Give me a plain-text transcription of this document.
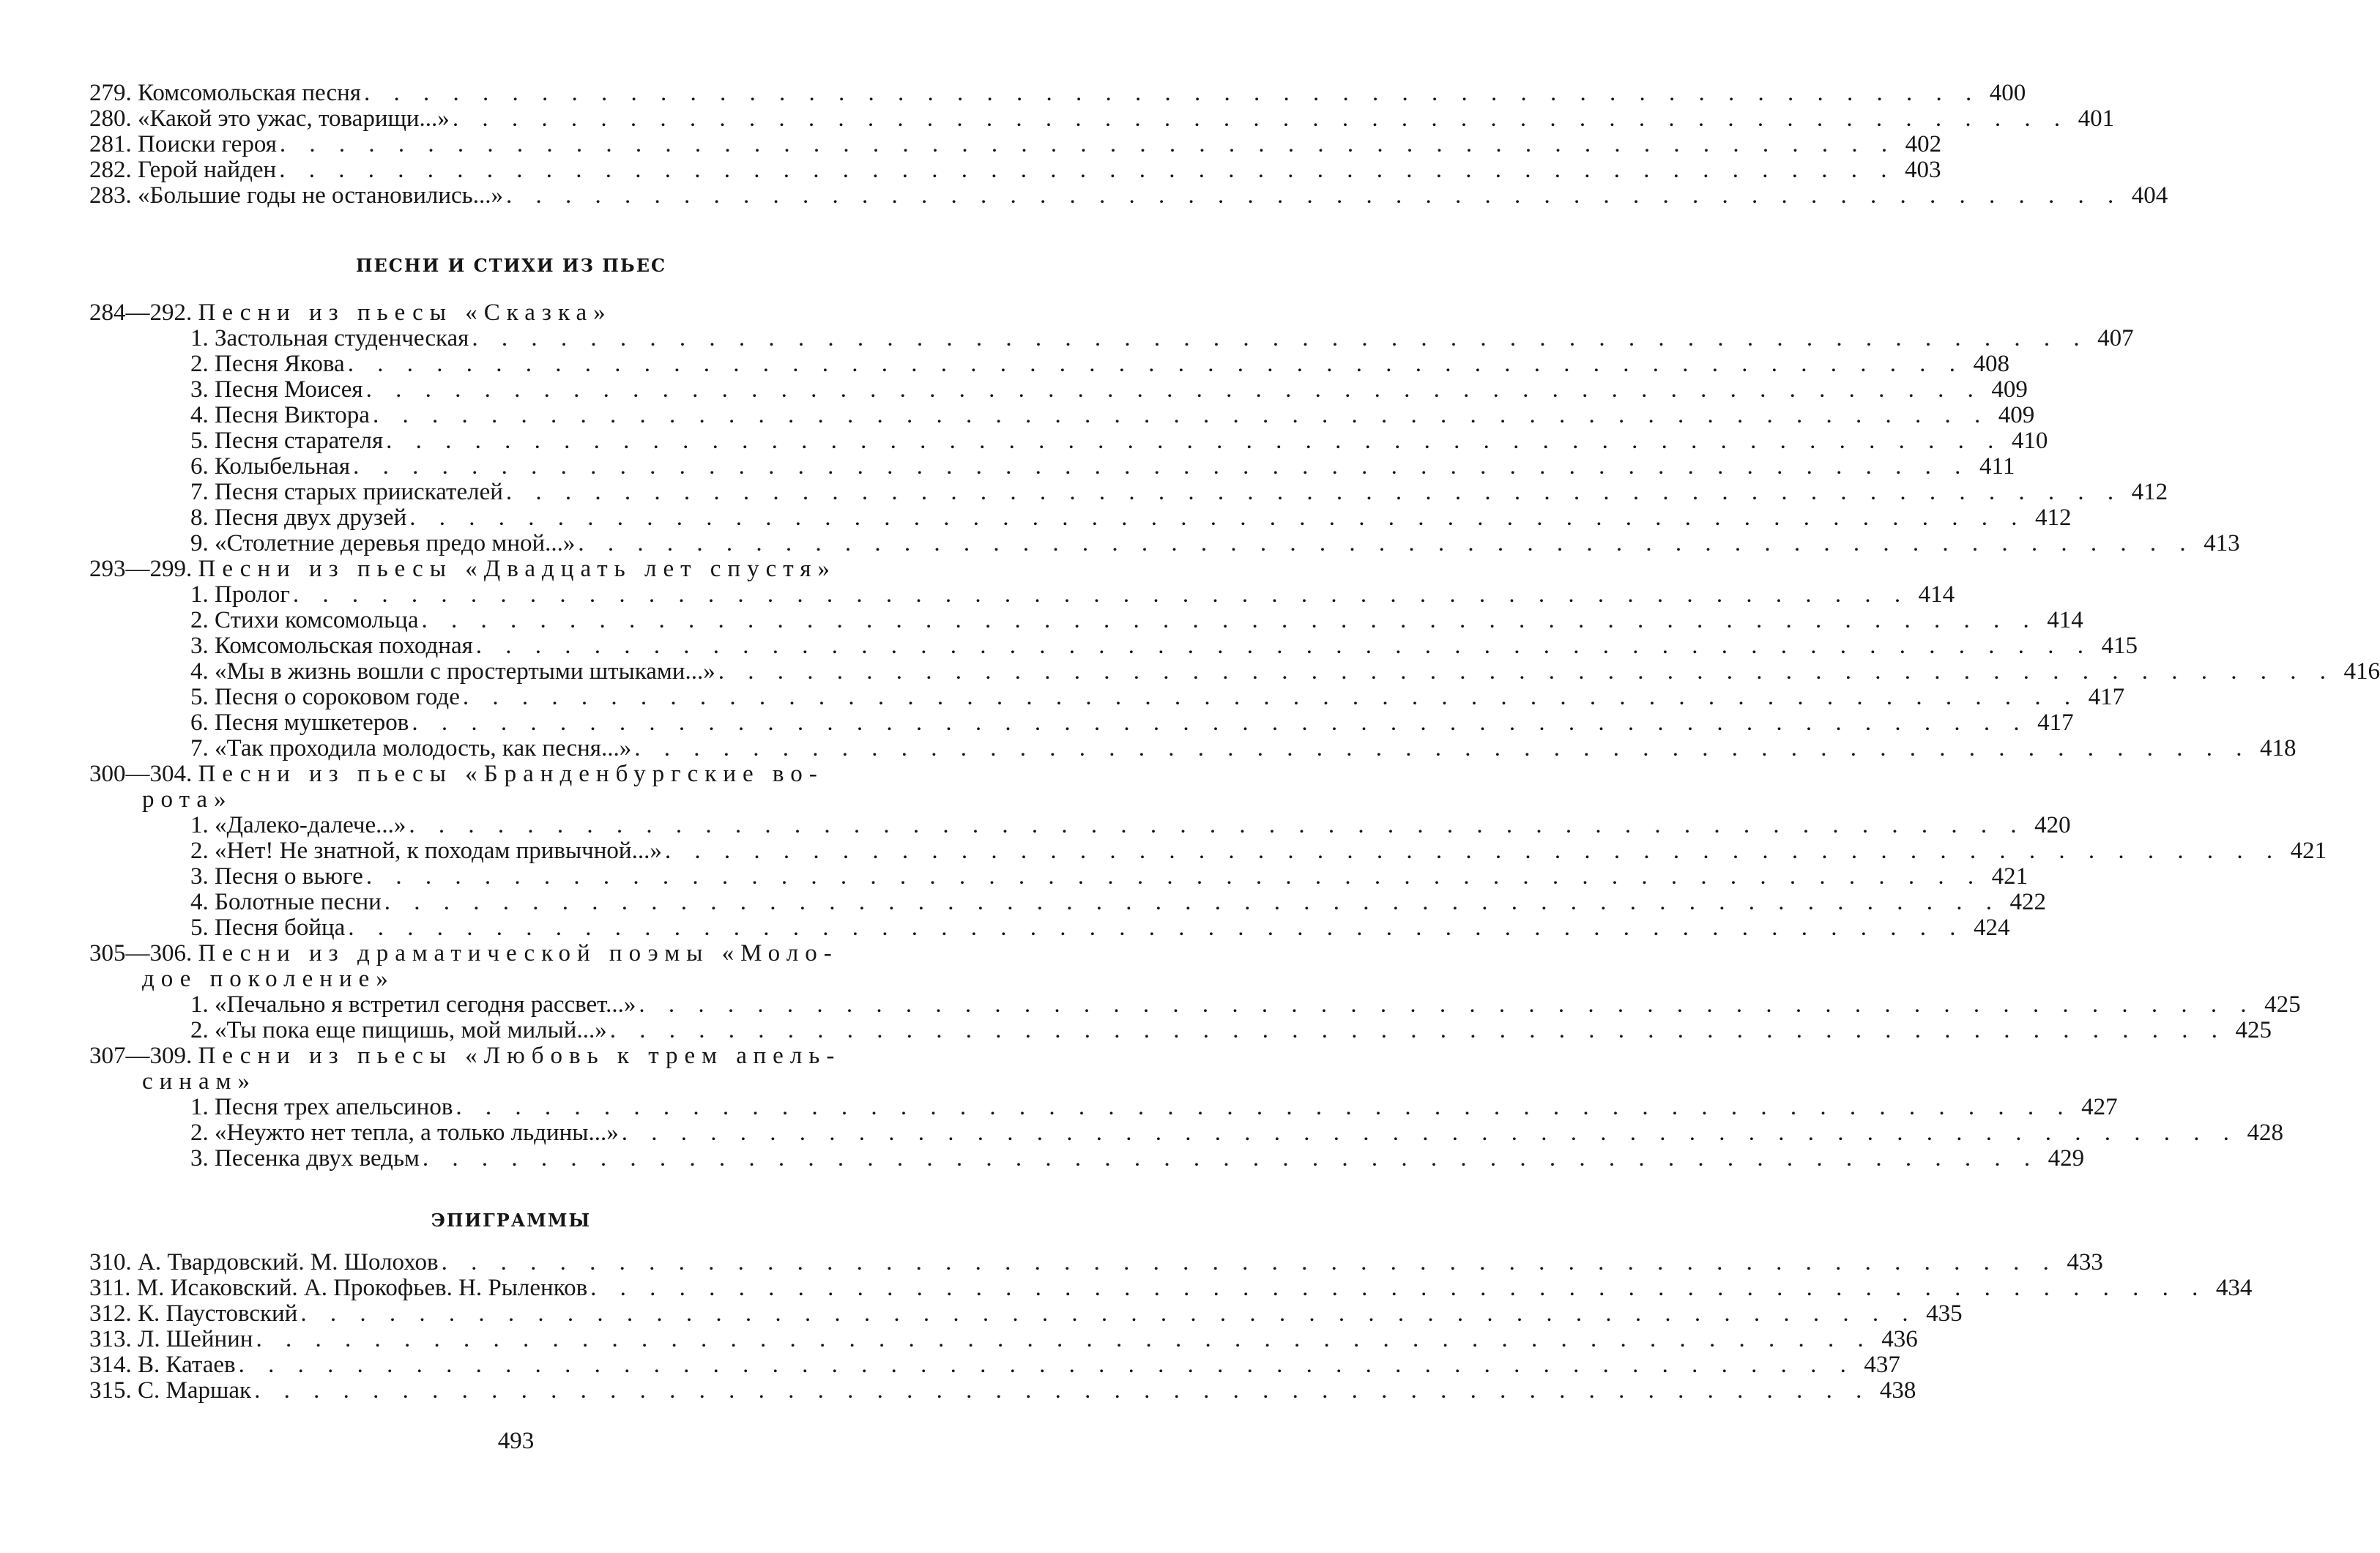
279. Комсомольская песня . . . . . . . . . . . . . . . . . . . . . . . . . . . . . . . . . . . . . . . . . . . . . . . . . . . . . . . 400
280. «Какой это ужас, товарищи...» . . . . . . . . . . . . . . . . . . . . . . . . . . . . . . . . . . . . . . . . . . . . . . . . . . . . . . . 401
281. Поиски героя . . . . . . . . . . . . . . . . . . . . . . . . . . . . . . . . . . . . . . . . . . . . . . . . . . . . . . . 402
282. Герой найден . . . . . . . . . . . . . . . . . . . . . . . . . . . . . . . . . . . . . . . . . . . . . . . . . . . . . . . 403
283. «Большие годы не остановились...» . . . . . . . . . . . . . . . . . . . . . . . . . . . . . . . . . . . . . . . . . . . . . . . . . . . . . . . 404
ПЕСНИ И СТИХИ ИЗ ПЬЕС
284—292. Песни из пьесы «Сказка»
1. Застольная студенческая . . . . . . . . . . . . . . . . . . . . . . . . . . . . . . . . . . . . . . . . . . . . . . . . . . . . . . . 407
2. Песня Якова . . . . . . . . . . . . . . . . . . . . . . . . . . . . . . . . . . . . . . . . . . . . . . . . . . . . . . . 408
3. Песня Моисея . . . . . . . . . . . . . . . . . . . . . . . . . . . . . . . . . . . . . . . . . . . . . . . . . . . . . . . 409
4. Песня Виктора . . . . . . . . . . . . . . . . . . . . . . . . . . . . . . . . . . . . . . . . . . . . . . . . . . . . . . . 409
5. Песня старателя . . . . . . . . . . . . . . . . . . . . . . . . . . . . . . . . . . . . . . . . . . . . . . . . . . . . . . . 410
6. Колыбельная . . . . . . . . . . . . . . . . . . . . . . . . . . . . . . . . . . . . . . . . . . . . . . . . . . . . . . . 411
7. Песня старых приискателей . . . . . . . . . . . . . . . . . . . . . . . . . . . . . . . . . . . . . . . . . . . . . . . . . . . . . . . 412
8. Песня двух друзей . . . . . . . . . . . . . . . . . . . . . . . . . . . . . . . . . . . . . . . . . . . . . . . . . . . . . . . 412
9. «Столетние деревья предо мной...» . . . . . . . . . . . . . . . . . . . . . . . . . . . . . . . . . . . . . . . . . . . . . . . . . . . . . . . 413
293—299. Песни из пьесы «Двадцать лет спустя»
1. Пролог . . . . . . . . . . . . . . . . . . . . . . . . . . . . . . . . . . . . . . . . . . . . . . . . . . . . . . . 414
2. Стихи комсомольца . . . . . . . . . . . . . . . . . . . . . . . . . . . . . . . . . . . . . . . . . . . . . . . . . . . . . . . 414
3. Комсомольская походная . . . . . . . . . . . . . . . . . . . . . . . . . . . . . . . . . . . . . . . . . . . . . . . . . . . . . . . 415
4. «Мы в жизнь вошли с простертыми штыками...» . . . . . . . . . . . . . . . . . . . . . . . . . . . . . . . . . . . . . . . . . . . . . . . . . . . . . . . 416
5. Песня о сороковом годе . . . . . . . . . . . . . . . . . . . . . . . . . . . . . . . . . . . . . . . . . . . . . . . . . . . . . . . 417
6. Песня мушкетеров . . . . . . . . . . . . . . . . . . . . . . . . . . . . . . . . . . . . . . . . . . . . . . . . . . . . . . . 417
7. «Так проходила молодость, как песня...» . . . . . . . . . . . . . . . . . . . . . . . . . . . . . . . . . . . . . . . . . . . . . . . . . . . . . . . 418
300—304. Песни из пьесы «Бранденбургские во-
рота»
1. «Далеко-далече...» . . . . . . . . . . . . . . . . . . . . . . . . . . . . . . . . . . . . . . . . . . . . . . . . . . . . . . . 420
2. «Нет! Не знатной, к походам привычной...» . . . . . . . . . . . . . . . . . . . . . . . . . . . . . . . . . . . . . . . . . . . . . . . . . . . . . . . 421
3. Песня о вьюге . . . . . . . . . . . . . . . . . . . . . . . . . . . . . . . . . . . . . . . . . . . . . . . . . . . . . . . 421
4. Болотные песни . . . . . . . . . . . . . . . . . . . . . . . . . . . . . . . . . . . . . . . . . . . . . . . . . . . . . . . 422
5. Песня бойца . . . . . . . . . . . . . . . . . . . . . . . . . . . . . . . . . . . . . . . . . . . . . . . . . . . . . . . 424
305—306. Песни из драматической поэмы «Моло-
дое поколение»
1. «Печально я встретил сегодня рассвет...» . . . . . . . . . . . . . . . . . . . . . . . . . . . . . . . . . . . . . . . . . . . . . . . . . . . . . . . 425
2. «Ты пока еще пищишь, мой милый...» . . . . . . . . . . . . . . . . . . . . . . . . . . . . . . . . . . . . . . . . . . . . . . . . . . . . . . . 425
307—309. Песни из пьесы «Любовь к трем апель-
синам»
1. Песня трех апельсинов . . . . . . . . . . . . . . . . . . . . . . . . . . . . . . . . . . . . . . . . . . . . . . . . . . . . . . . 427
2. «Неужто нет тепла, а только льдины...» . . . . . . . . . . . . . . . . . . . . . . . . . . . . . . . . . . . . . . . . . . . . . . . . . . . . . . . 428
3. Песенка двух ведьм . . . . . . . . . . . . . . . . . . . . . . . . . . . . . . . . . . . . . . . . . . . . . . . . . . . . . . . 429
ЭПИГРАММЫ
310. А. Твардовский. М. Шолохов . . . . . . . . . . . . . . . . . . . . . . . . . . . . . . . . . . . . . . . . . . . . . . . . . . . . . . . 433
311. М. Исаковский. А. Прокофьев. Н. Рыленков . . . . . . . . . . . . . . . . . . . . . . . . . . . . . . . . . . . . . . . . . . . . . . . . . . . . . . . 434
312. К. Паустовский . . . . . . . . . . . . . . . . . . . . . . . . . . . . . . . . . . . . . . . . . . . . . . . . . . . . . . . 435
313. Л. Шейнин . . . . . . . . . . . . . . . . . . . . . . . . . . . . . . . . . . . . . . . . . . . . . . . . . . . . . . . 436
314. В. Катаев . . . . . . . . . . . . . . . . . . . . . . . . . . . . . . . . . . . . . . . . . . . . . . . . . . . . . . . 437
315. С. Маршак . . . . . . . . . . . . . . . . . . . . . . . . . . . . . . . . . . . . . . . . . . . . . . . . . . . . . . . 438
493
